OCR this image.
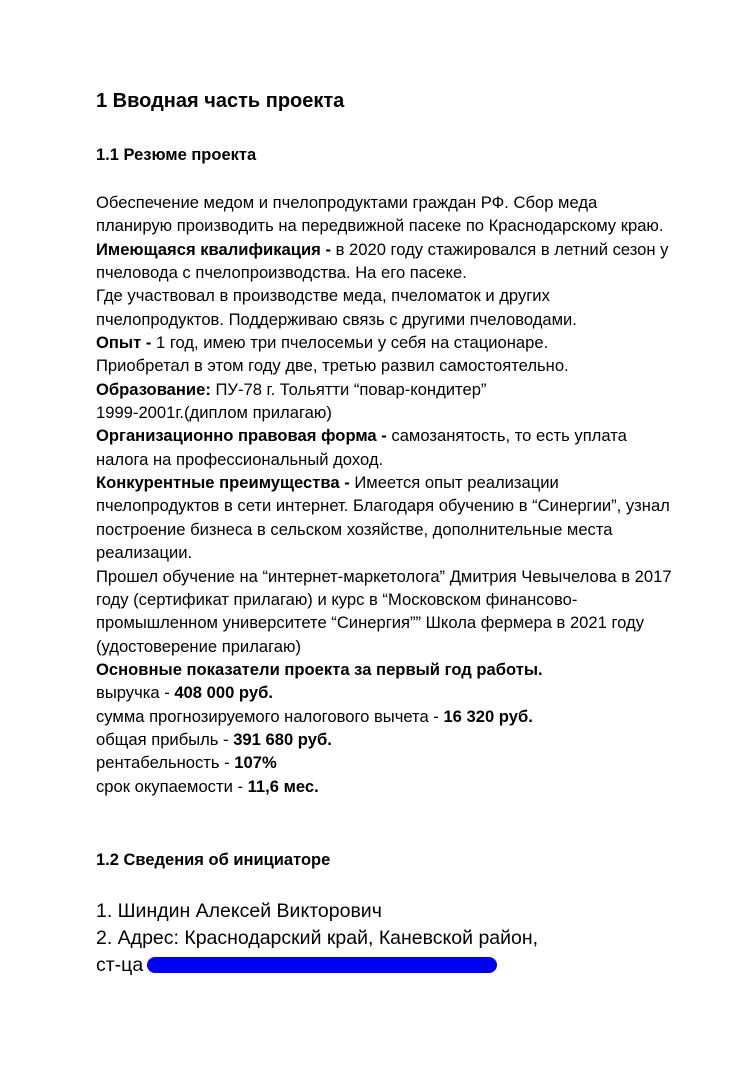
1 Вводная часть проекта
1.1 Резюме проекта

Обеспечение медом и пчелопродуктами граждан РФ. Сбор меда планирую производить на передвижной пасеке по Краснодарскому краю.

Имеющаяся квалификация - в 2020 году стажировался в летний сезон у пчеловода с пчелопроизводства. На его пасеке.

Где участвовал в производстве меда, пчеломаток и других пчелопродуктов. Поддерживаю связь с другими пчеловодами.

Опыт - 1 год, имею три пчелосемьи у себя на стационаре.

Приобретал в этом году две, третью развил самостоятельно.

Образование: ПУ-78 г. Тольятти “повар-кондитер”

1999-2001г.(диплом прилагаю)

Организационно правовая форма - самозанятость, то есть уплата налога на профессиональный доход.

Конкурентные преимущества - Имеется опыт реализации пчелопродуктов в сети интернет. Благодаря обучению в “Синергии”, узнал построение бизнеса в сельском хозяйстве, дополнительные места реализации.

Прошел обучение на “интернет-маркетолога” Дмитрия Чевычелова в 2017 году (сертификат прилагаю) и курс в “Московском финансово-промышленном университете “Синергия”” Школа фермера в 2021 году (удостоверение прилагаю)

Основные показатели проекта за первый год работы.

выручка - 408 000 руб.

сумма прогнозируемого налогового вычета - 16 320 руб.

общая прибыль - 391 680 руб.

рентабельность - 107%

срок окупаемости - 11,6 мес.

1.2 Сведения об инициаторе

1. Шиндин Алексей Викторович

2. Адрес: Краснодарский край, Каневской район,

ст-ца
